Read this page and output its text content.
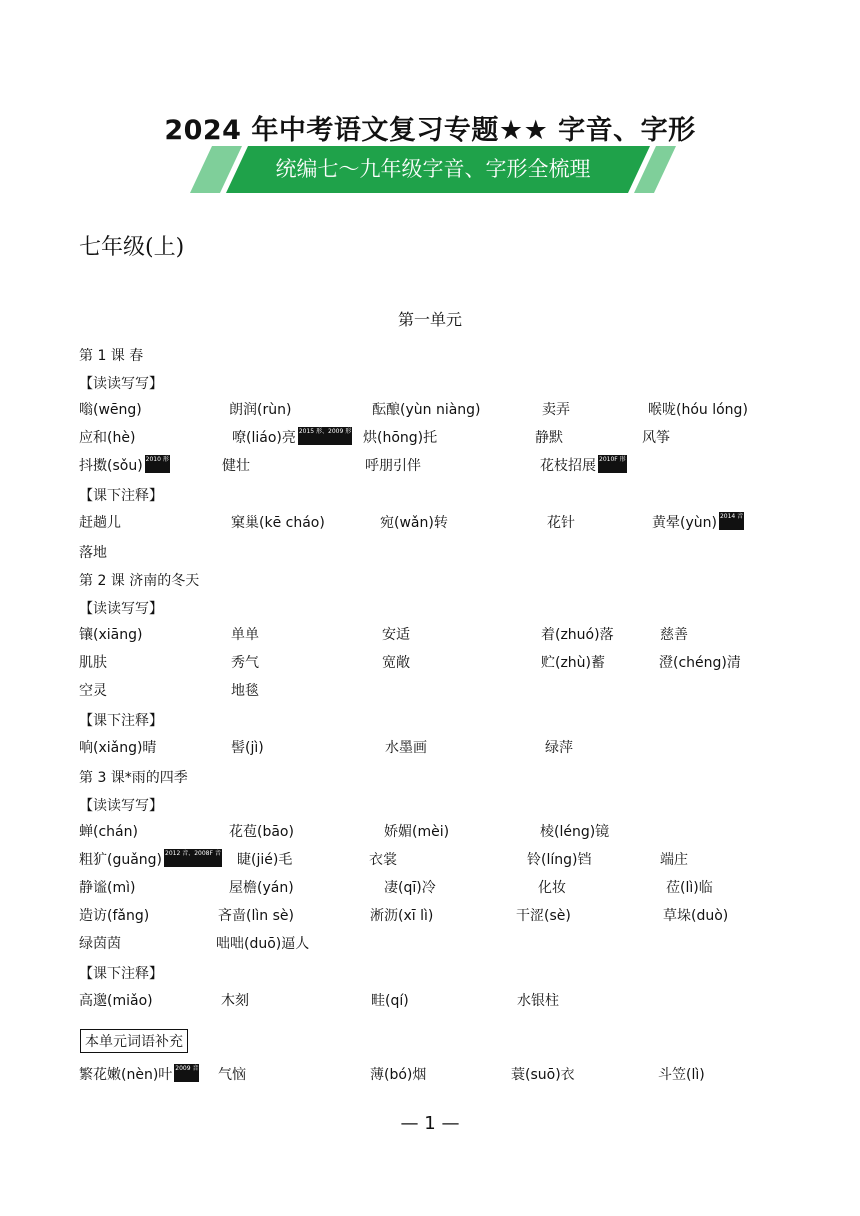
2024 年中考语文复习专题★★ 字音、字形
统编七～九年级字音、字形全梳理
七年级(上)
第一单元
第 1 课 春
【读读写写】
嗡(wēng)	朗润(rùn)	酝酿(yùn niàng)	卖弄	喉咙(hóu lóng)
应和(hè)	嘹(liáo)亮 2015 形、2009 形 烘(hōng)托	静默	风筝
抖擞(sǒu) 2010 形	健壮	呼朋引伴	花枝招展 2010F 形
【课下注释】
赶趟儿	窠巢(kē cháo)	宛(wǎn)转	花针	黄晕(yùn) 2014 音
落地
第 2 课 济南的冬天
【读读写写】
镶(xiāng)	单单	安适	着(zhuó)落	慈善
肌肤	秀气	宽敞	贮(zhù)蓄	澄(chéng)清
空灵	地毯
【课下注释】
响(xiǎng)晴	髻(jì)	水墨画	绿萍
第 3 课*雨的四季
【读读写写】
蝉(chán)	花苞(bāo)	娇媚(mèi)	棱(léng)镜
粗犷(guǎng) 2012 音、2008F 音 睫(jié)毛	衣裳	铃(líng)铛	端庄
静谧(mì)	屋檐(yán)	凄(qī)冷	化妆	莅(lì)临
造访(fǎng)	吝啬(lìn sè)	淅沥(xī lì)	干涩(sè)	草垛(duò)
绿茵茵	咄咄(duō)逼人
【课下注释】
高邈(miǎo)	木刻	畦(qí)	水银柱
本单元词语补充
繁花嫩(nèn)叶 2009 音 气恼	薄(bó)烟	蓑(suō)衣	斗笠(lì)
— 1 —
